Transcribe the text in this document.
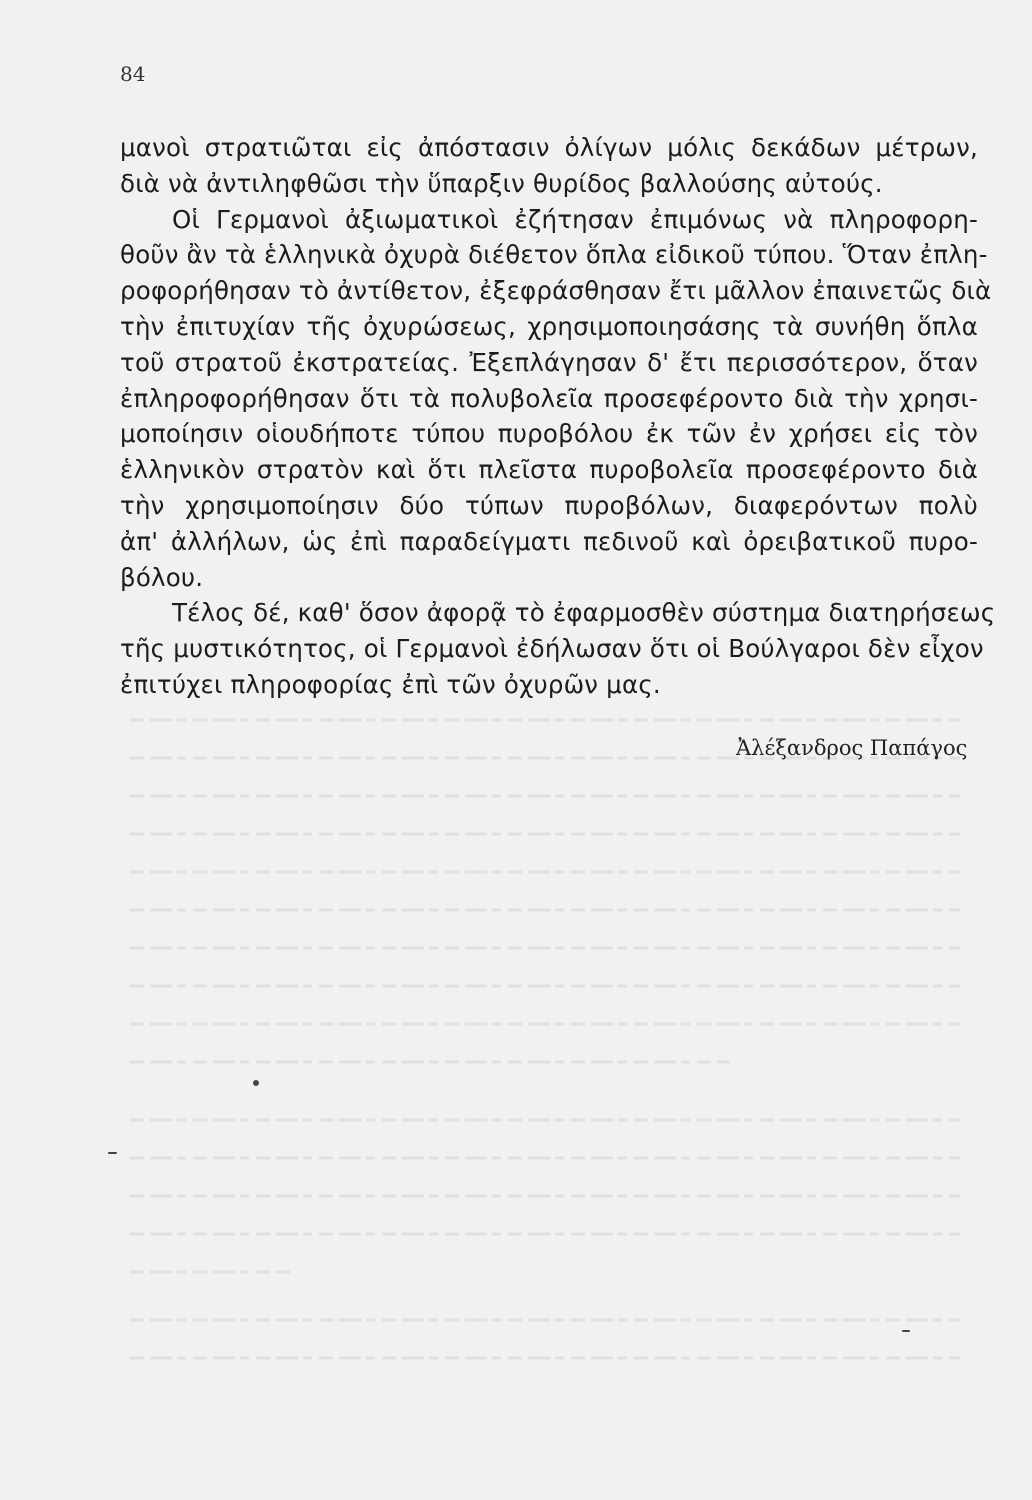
84
μανοὶ στρατιῶται εἰς ἀπόστασιν ὀλίγων μόλις δεκάδων μέτρων,
διὰ νὰ ἀντιληφθῶσι τὴν ὕπαρξιν θυρίδος βαλλούσης αὐτούς.
Οἱ Γερμανοὶ ἀξιωματικοὶ ἐζήτησαν ἐπιμόνως νὰ πληροφορη-
θοῦν ἂν τὰ ἑλληνικὰ ὀχυρὰ διέθετον ὅπλα εἰδικοῦ τύπου. Ὅταν ἐπλη-
ροφορήθησαν τὸ ἀντίθετον, ἐξεφράσθησαν ἔτι μᾶλλον ἐπαινετῶς διὰ
τὴν ἐπιτυχίαν τῆς ὀχυρώσεως, χρησιμοποιησάσης τὰ συνήθη ὅπλα
τοῦ στρατοῦ ἐκστρατείας. Ἐξεπλάγησαν δ' ἔτι περισσότερον, ὅταν
ἐπληροφορήθησαν ὅτι τὰ πολυβολεῖα προσεφέροντο διὰ τὴν χρησι-
μοποίησιν οἱουδήποτε τύπου πυροβόλου ἐκ τῶν ἐν χρήσει εἰς τὸν
ἑλληνικὸν στρατὸν καὶ ὅτι πλεῖστα πυροβολεῖα προσεφέροντο διὰ
τὴν χρησιμοποίησιν δύο τύπων πυροβόλων, διαφερόντων πολὺ
ἀπ' ἀλλήλων, ὡς ἐπὶ παραδείγματι πεδινοῦ καὶ ὀρειβατικοῦ πυρο-
βόλου.
Τέλος δέ, καθ' ὅσον ἀφορᾷ τὸ ἐφαρμοσθὲν σύστημα διατηρήσεως
τῆς μυστικότητος, οἱ Γερμανοὶ ἐδήλωσαν ὅτι οἱ Βούλγαροι δὲν εἶχον
ἐπιτύχει πληροφορίας ἐπὶ τῶν ὀχυρῶν μας.
Ἀλέξανδρος Παπάγος
